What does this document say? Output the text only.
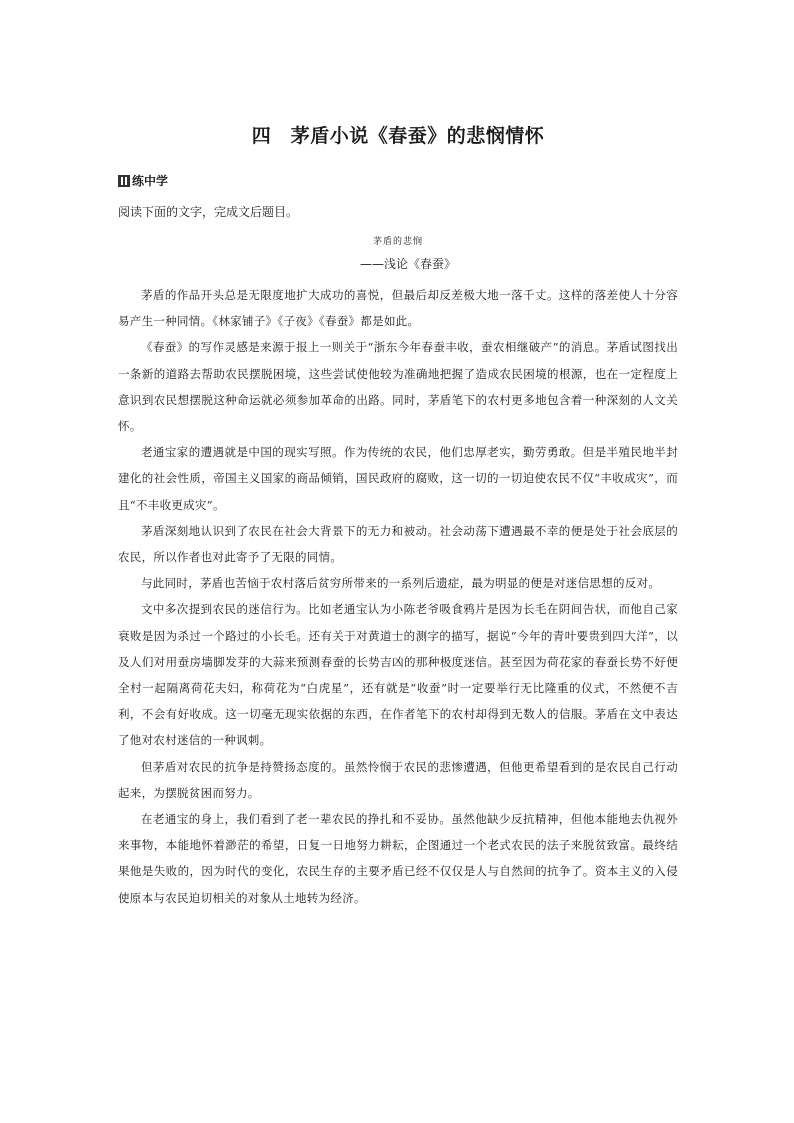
四　茅盾小说《春蚕》的悲悯情怀
练中学
阅读下面的文字，完成文后题目。
茅盾的悲悯
——浅论《春蚕》

茅盾的作品开头总是无限度地扩大成功的喜悦，但最后却反差极大地一落千丈。这样的落差使人十分容易产生一种同情。《林家铺子》《子夜》《春蚕》都是如此。

《春蚕》的写作灵感是来源于报上一则关于“浙东今年春蚕丰收，蚕农相继破产”的消息。茅盾试图找出一条新的道路去帮助农民摆脱困境，这些尝试使他较为准确地把握了造成农民困境的根源，也在一定程度上意识到农民想摆脱这种命运就必须参加革命的出路。同时，茅盾笔下的农村更多地包含着一种深刻的人文关怀。

老通宝家的遭遇就是中国的现实写照。作为传统的农民，他们忠厚老实，勤劳勇敢。但是半殖民地半封建化的社会性质，帝国主义国家的商品倾销，国民政府的腐败，这一切的一切迫使农民不仅“丰收成灾”，而且“不丰收更成灾”。

茅盾深刻地认识到了农民在社会大背景下的无力和被动。社会动荡下遭遇最不幸的便是处于社会底层的农民，所以作者也对此寄予了无限的同情。

与此同时，茅盾也苦恼于农村落后贫穷所带来的一系列后遗症，最为明显的便是对迷信思想的反对。

文中多次提到农民的迷信行为。比如老通宝认为小陈老爷吸食鸦片是因为长毛在阴间告状，而他自己家衰败是因为杀过一个路过的小长毛。还有关于对黄道士的测字的描写，据说“今年的青叶要贵到四大洋”，以及人们对用蚕房墙脚发芽的大蒜来预测春蚕的长势吉凶的那种极度迷信。甚至因为荷花家的春蚕长势不好便全村一起隔离荷花夫妇，称荷花为“白虎星”，还有就是“收蚕”时一定要举行无比隆重的仪式，不然便不吉利，不会有好收成。这一切毫无现实依据的东西，在作者笔下的农村却得到无数人的信服。茅盾在文中表达了他对农村迷信的一种讽刺。

但茅盾对农民的抗争是持赞扬态度的。虽然怜悯于农民的悲惨遭遇，但他更希望看到的是农民自己行动起来，为摆脱贫困而努力。

在老通宝的身上，我们看到了老一辈农民的挣扎和不妥协。虽然他缺少反抗精神，但他本能地去仇视外来事物，本能地怀着渺茫的希望，日复一日地努力耕耘，企图通过一个老式农民的法子来脱贫致富。最终结果他是失败的，因为时代的变化，农民生存的主要矛盾已经不仅仅是人与自然间的抗争了。资本主义的入侵使原本与农民迫切相关的对象从土地转为经济。
